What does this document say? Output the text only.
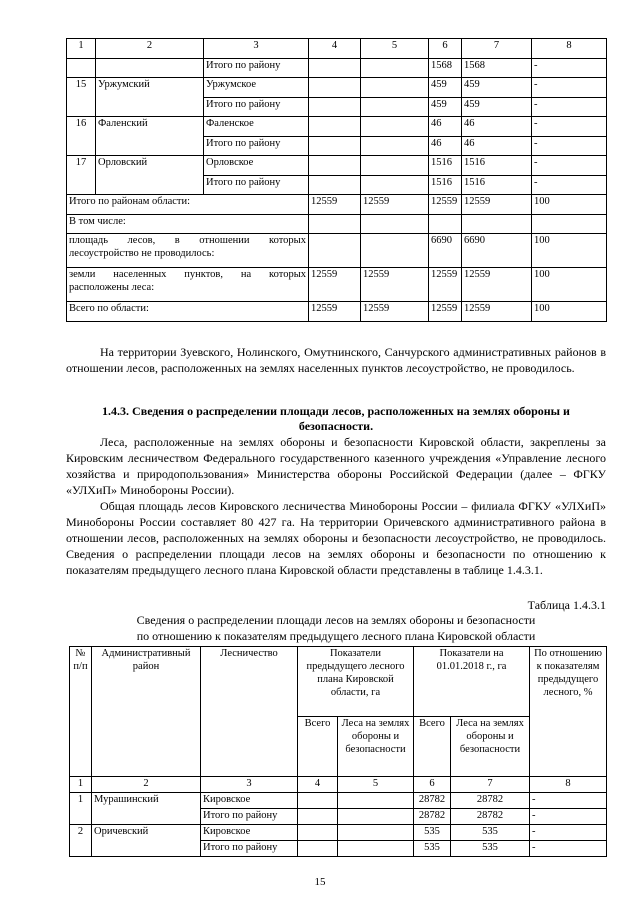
1	2	3	4	5	6	7	8
		Итого по району			1568	1568	-
15	Уржумский	Уржумское			459	459	-
		Итого по району			459	459	-
16	Фаленский	Фаленское			46	46	-
		Итого по району			46	46	-
17	Орловский	Орловское			1516	1516	-
		Итого по району			1516	1516	-
Итого по районам области:			12559	12559	12559	12559	100
В том числе:							

площадь лесов, в отношении которых
лесоустройство не проводилось:					6690	6690	100

земли населенных пунктов, на которых
расположены леса:			12559	12559	12559	12559	100
Всего по области:			12559	12559	12559	12559	100

На территории Зуевского, Нолинского, Омутнинского, Санчурского административных районов в отношении лесов, расположенных на землях населенных пунктов лесоустройство, не проводилось.

1.4.3. Сведения о распределении площади лесов, расположенных на землях обороны и
безопасности.

Леса, расположенные на землях обороны и безопасности Кировской области, закреплены за Кировским лесничеством Федерального государственного казенного учреждения «Управление лесного хозяйства и природопользования» Министерства обороны Российской Федерации (далее – ФГКУ «УЛХиП» Минобороны России).

Общая площадь лесов Кировского лесничества Минобороны России – филиала ФГКУ «УЛХиП» Минобороны России составляет 80 427 га. На территории Оричевского административного района в отношении лесов, расположенных на землях обороны и безопасности лесоустройство, не проводилось. Сведения о распределении площади лесов на землях обороны и безопасности по отношению к показателям предыдущего лесного плана Кировской области представлены в таблице 1.4.3.1.

Таблица 1.4.3.1
Сведения о распределении площади лесов на землях обороны и безопасности
по отношению к показателям предыдущего лесного плана Кировской области
№ п/п	Административный район	Лесничество	Показатели предыдущего лесного плана Кировской области, га		Показатели на 01.01.2018 г., га		По отношению к показателям предыдущего лесного, %
			Всего	Леса на землях обороны и безопасности	Всего	Леса на землях обороны и безопасности	
1	2	3	4	5	6	7	8
1	Мурашинский	Кировское			28782	28782	-
		Итого по району			28782	28782	-
2	Оричевский	Кировское			535	535	-
		Итого по району			535	535	-
15
